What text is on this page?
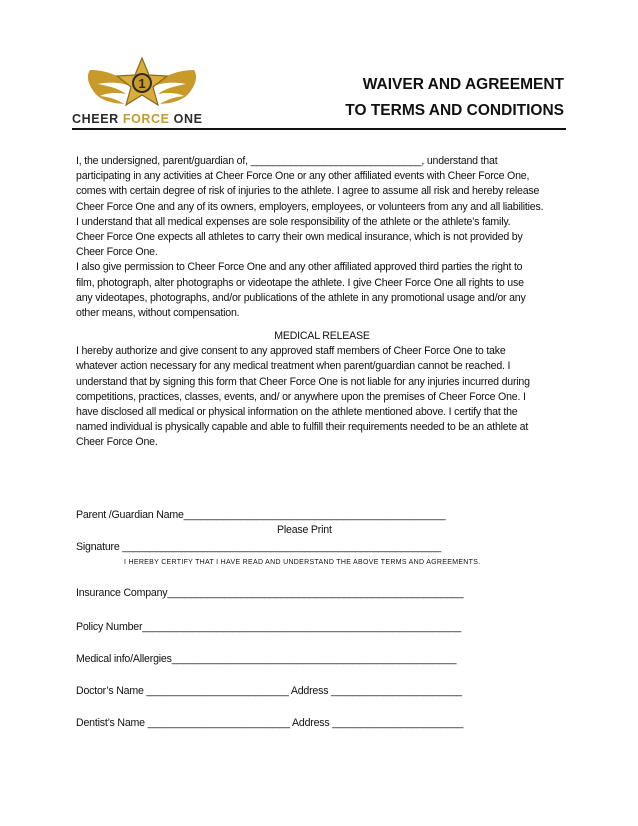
1
CHEER FORCE ONE
WAIVER AND AGREEMENT
TO TERMS AND CONDITIONS
I, the undersigned, parent/guardian of, ______________________________, understand that
participating in any activities at Cheer Force One or any other affiliated events with Cheer Force One,
comes with certain degree of risk of injuries to the athlete. I agree to assume all risk and hereby release
Cheer Force One and any of its owners, employers, employees, or volunteers from any and all liabilities.
I understand that all medical expenses are sole responsibility of the athlete or the athlete’s family.
Cheer Force One expects all athletes to carry their own medical insurance, which is not provided by
Cheer Force One.
I also give permission to Cheer Force One and any other affiliated approved third parties the right to
film, photograph, alter photographs or videotape the athlete. I give Cheer Force One all rights to use
any videotapes, photographs, and/or publications of the athlete in any promotional usage and/or any
other means, without compensation.
MEDICAL RELEASE
I hereby authorize and give consent to any approved staff members of Cheer Force One to take
whatever action necessary for any medical treatment when parent/guardian cannot be reached. I
understand that by signing this form that Cheer Force One is not liable for any injuries incurred during
competitions, practices, classes, events, and/ or anywhere upon the premises of Cheer Force One. I
have disclosed all medical or physical information on the athlete mentioned above. I certify that the
named individual is physically capable and able to fulfill their requirements needed to be an athlete at
Cheer Force One.
Parent /Guardian Name______________________________________________
Please Print
Signature ________________________________________________________
I HEREBY CERTIFY THAT I HAVE READ AND UNDERSTAND THE ABOVE TERMS AND AGREEMENTS.
Insurance Company____________________________________________________
Policy Number________________________________________________________
Medical info/Allergies__________________________________________________
Doctor’s Name _________________________ Address _______________________
Dentist’s Name _________________________ Address _______________________
